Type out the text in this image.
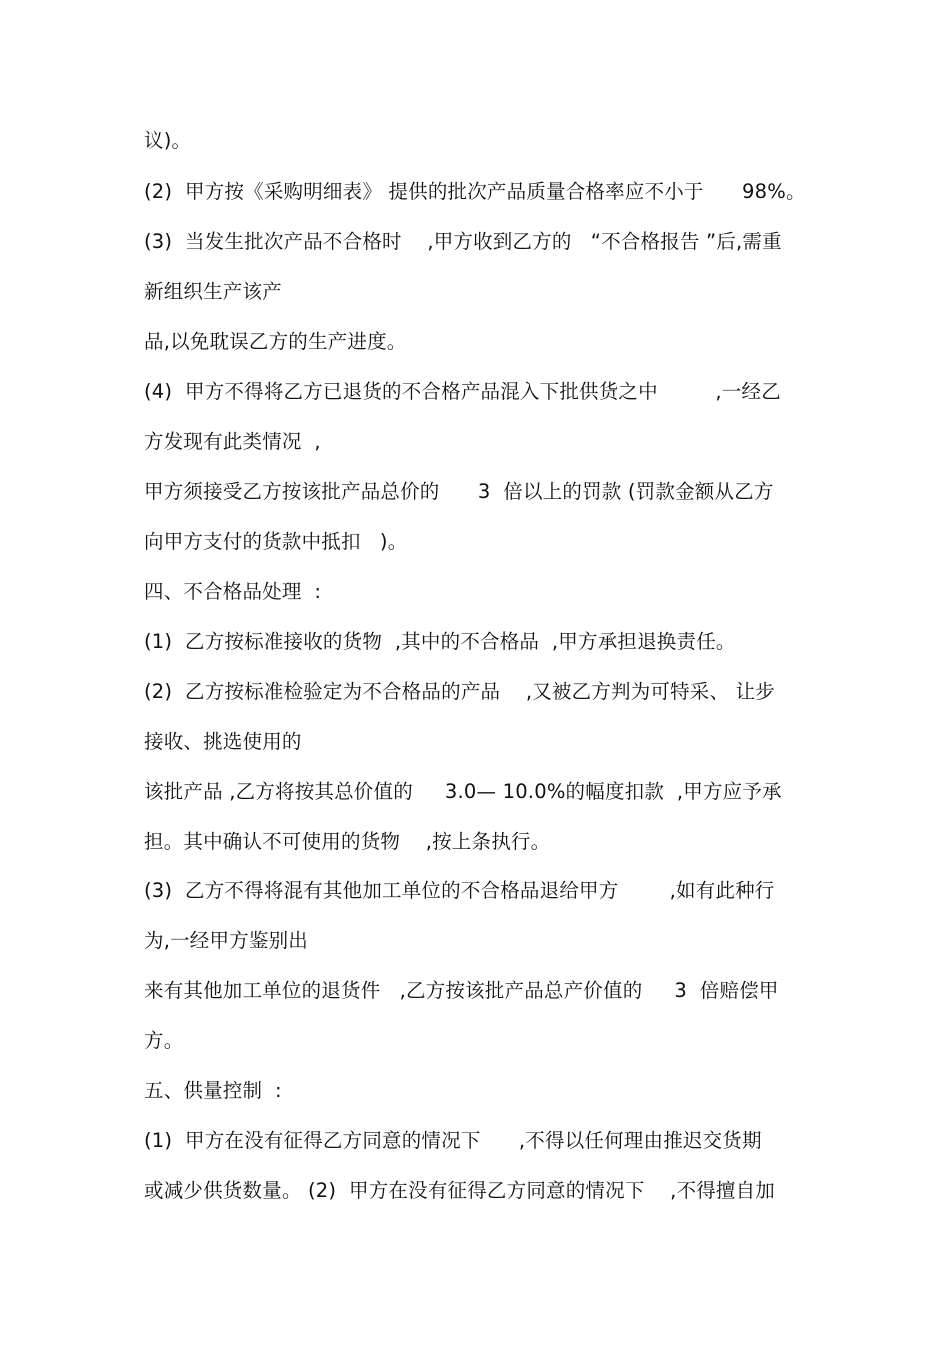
议)。
(2)  甲方按《采购明细表》 提供的批次产品质量合格率应不小于      98%。
(3)  当发生批次产品不合格时    ,甲方收到乙方的   “不合格报告 ”后,需重
新组织生产该产
品,以免耽误乙方的生产进度。
(4)  甲方不得将乙方已退货的不合格产品混入下批供货之中         ,一经乙
方发现有此类情况  ,
甲方须接受乙方按该批产品总价的      3  倍以上的罚款 (罚款金额从乙方
向甲方支付的货款中抵扣   )。
四、不合格品处理  :
(1)  乙方按标准接收的货物  ,其中的不合格品  ,甲方承担退换责任。
(2)  乙方按标准检验定为不合格品的产品    ,又被乙方判为可特采、 让步
接收、挑选使用的
该批产品 ,乙方将按其总价值的     3.0— 10.0%的幅度扣款  ,甲方应予承
担。其中确认不可使用的货物    ,按上条执行。
(3)  乙方不得将混有其他加工单位的不合格品退给甲方        ,如有此种行
为,一经甲方鉴别出
来有其他加工单位的退货件   ,乙方按该批产品总产价值的     3  倍赔偿甲
方。
五、供量控制  :
(1)  甲方在没有征得乙方同意的情况下      ,不得以任何理由推迟交货期
或减少供货数量。 (2)  甲方在没有征得乙方同意的情况下    ,不得擅自加
